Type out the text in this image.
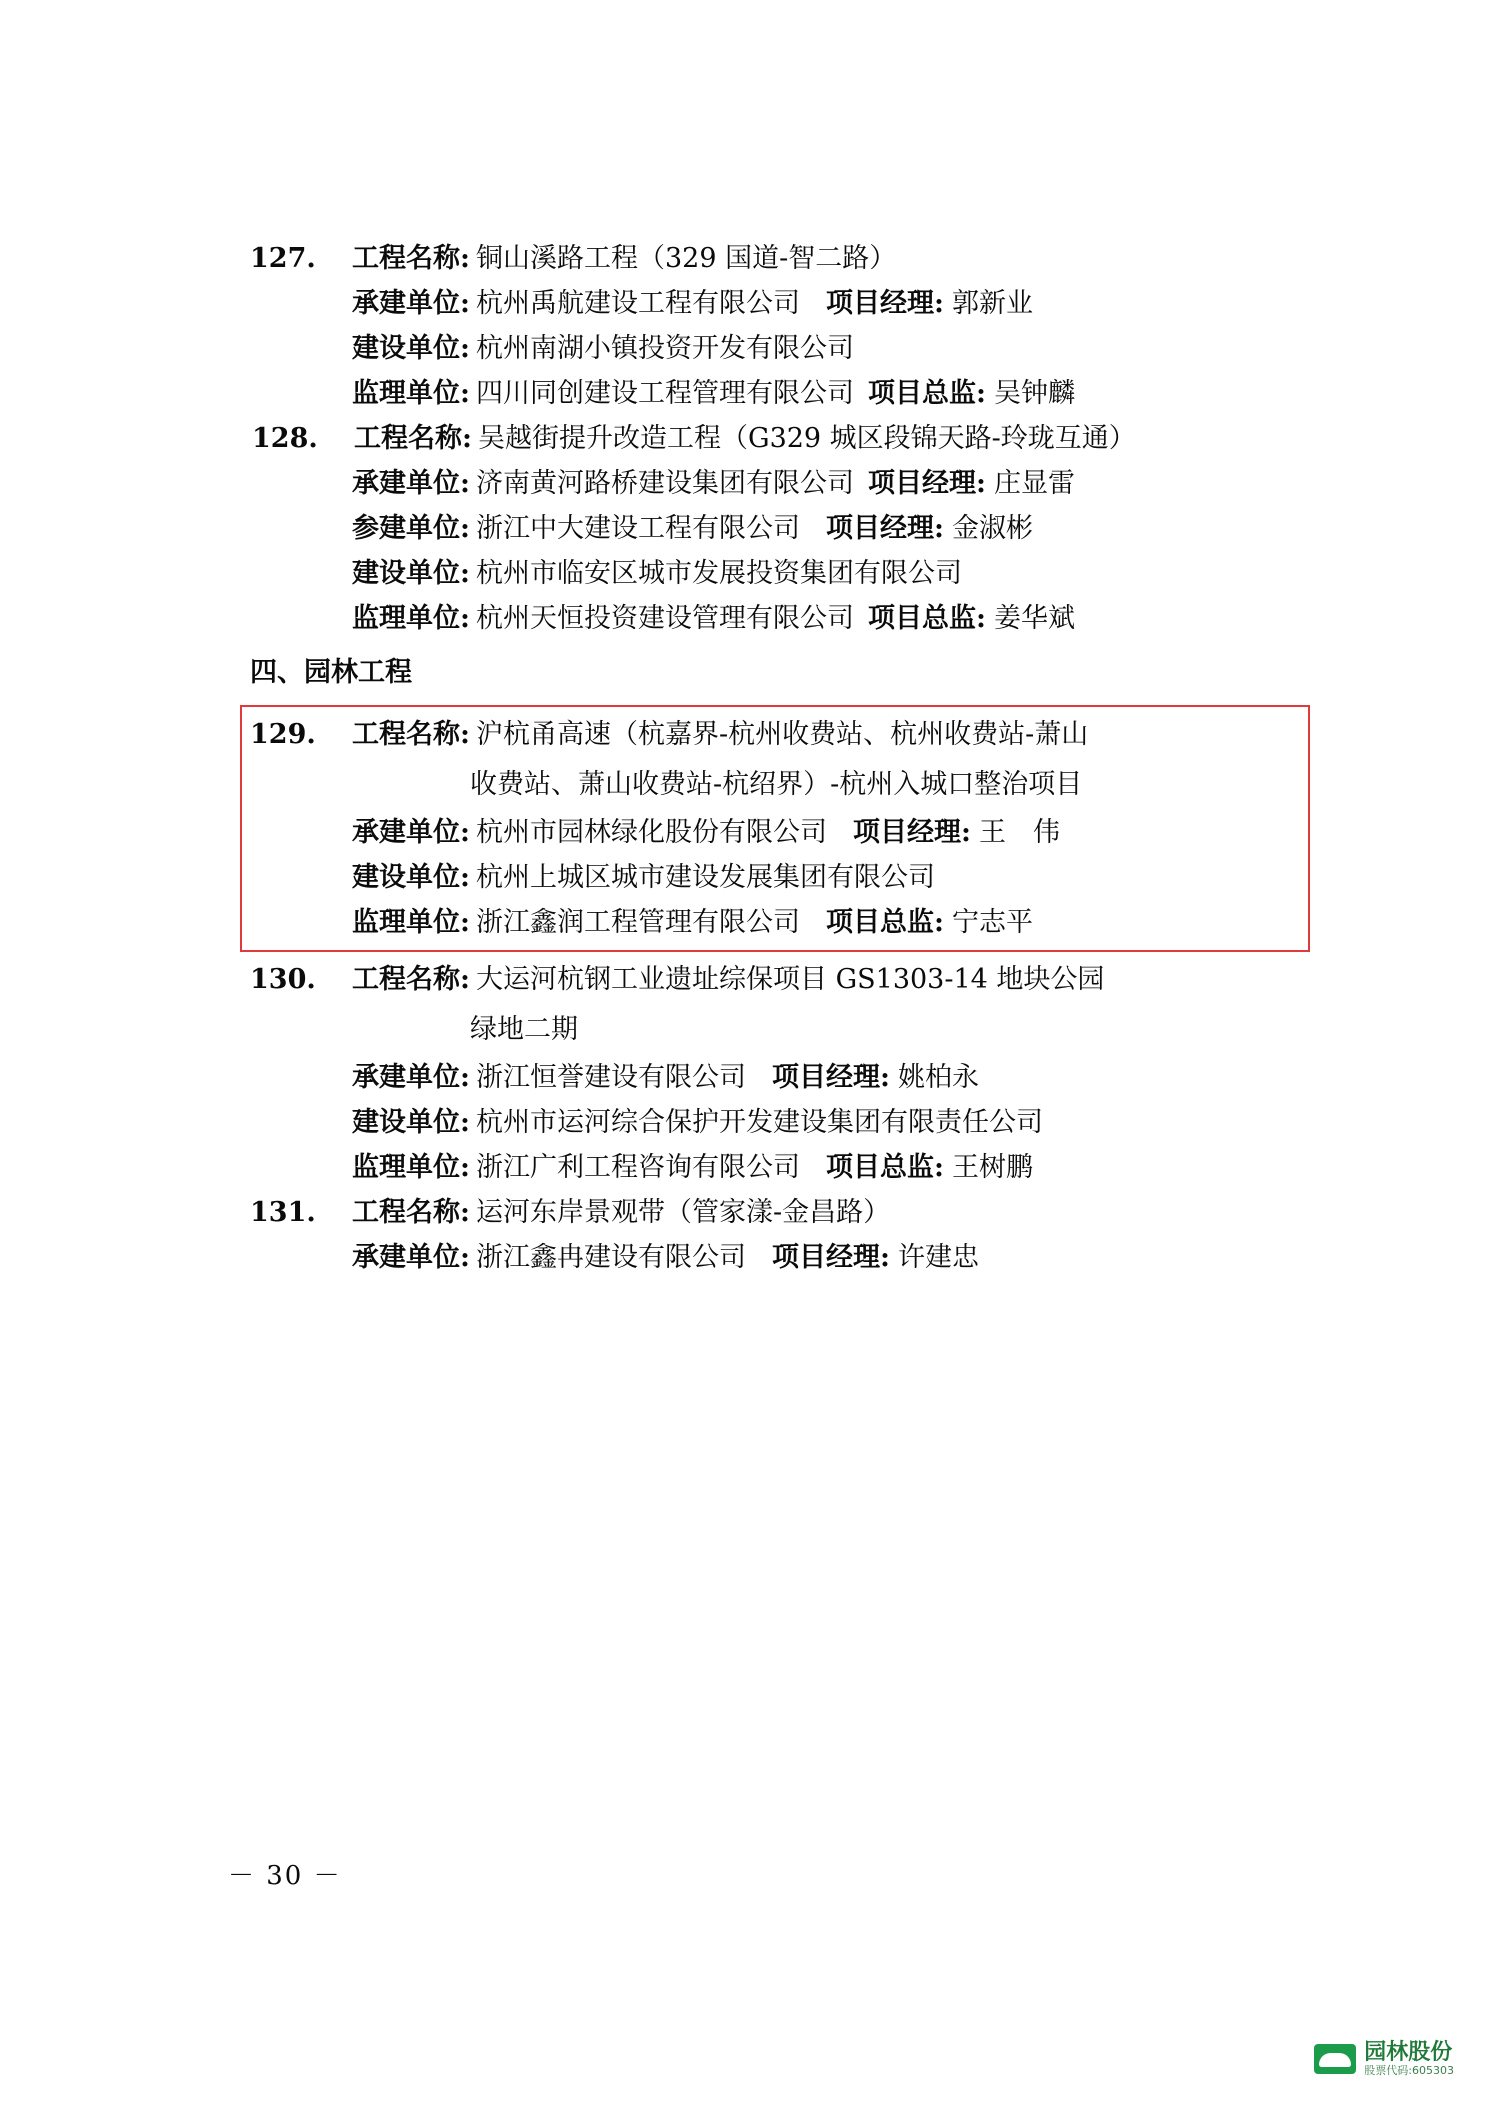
127.	工程名称: 铜山溪路工程（329 国道-智二路）
承建单位: 杭州禹航建设工程有限公司 项目经理: 郭新业
建设单位: 杭州南湖小镇投资开发有限公司
监理单位: 四川同创建设工程管理有限公司 项目总监: 吴钟麟
128.	工程名称: 吴越街提升改造工程（G329 城区段锦天路-玲珑互通）
承建单位: 济南黄河路桥建设集团有限公司 项目经理: 庄显雷
参建单位: 浙江中大建设工程有限公司 项目经理: 金淑彬
建设单位: 杭州市临安区城市发展投资集团有限公司
监理单位: 杭州天恒投资建设管理有限公司 项目总监: 姜华斌
四、园林工程
129.	工程名称: 沪杭甬高速（杭嘉界-杭州收费站、杭州收费站-萧山
收费站、萧山收费站-杭绍界）-杭州入城口整治项目
承建单位: 杭州市园林绿化股份有限公司 项目经理: 王　伟
建设单位: 杭州上城区城市建设发展集团有限公司
监理单位: 浙江鑫润工程管理有限公司 项目总监: 宁志平
130.	工程名称: 大运河杭钢工业遗址综保项目 GS1303-14 地块公园
绿地二期
承建单位: 浙江恒誉建设有限公司 项目经理: 姚柏永
建设单位: 杭州市运河综合保护开发建设集团有限责任公司
监理单位: 浙江广利工程咨询有限公司 项目总监: 王树鹏
131.	工程名称: 运河东岸景观带（管家漾-金昌路）
承建单位: 浙江鑫冉建设有限公司 项目经理: 许建忠
－ 30 －
园林股份
股票代码:605303
